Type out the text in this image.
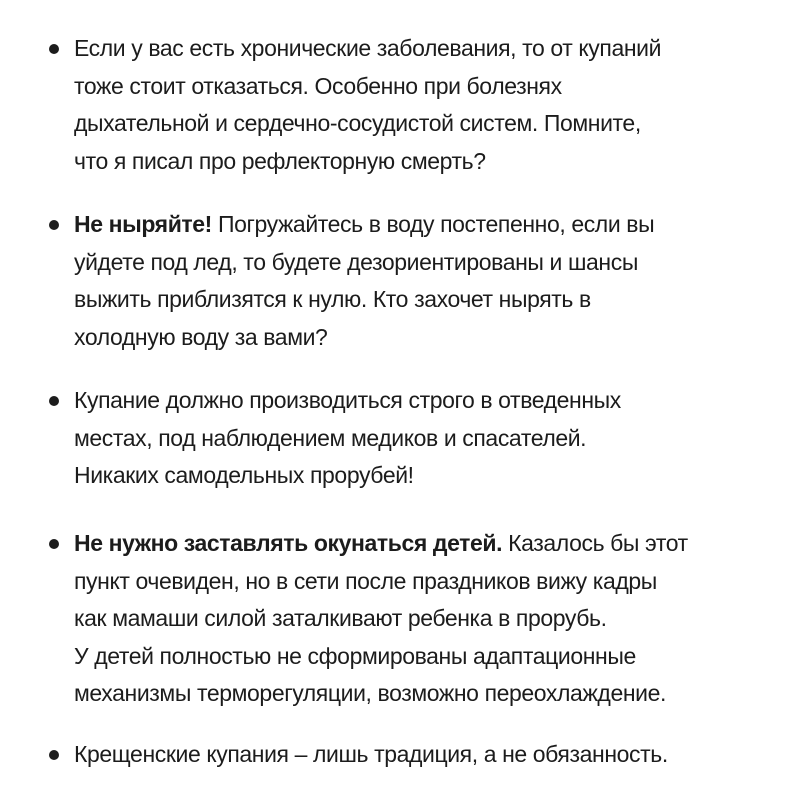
Если у вас есть хронические заболевания, то от купаний
тоже стоит отказаться. Особенно при болезнях
дыхательной и сердечно-сосудистой систем. Помните,
что я писал про рефлекторную смерть?
Не ныряйте! Погружайтесь в воду постепенно, если вы
уйдете под лед, то будете дезориентированы и шансы
выжить приблизятся к нулю. Кто захочет нырять в
холодную воду за вами?
Купание должно производиться строго в отведенных
местах, под наблюдением медиков и спасателей.
Никаких самодельных прорубей!
Не нужно заставлять окунаться детей. Казалось бы этот
пункт очевиден, но в сети после праздников вижу кадры
как мамаши силой заталкивают ребенка в прорубь.
У детей полностью не сформированы адаптационные
механизмы терморегуляции, возможно переохлаждение.
Крещенские купания – лишь традиция, а не обязанность.
